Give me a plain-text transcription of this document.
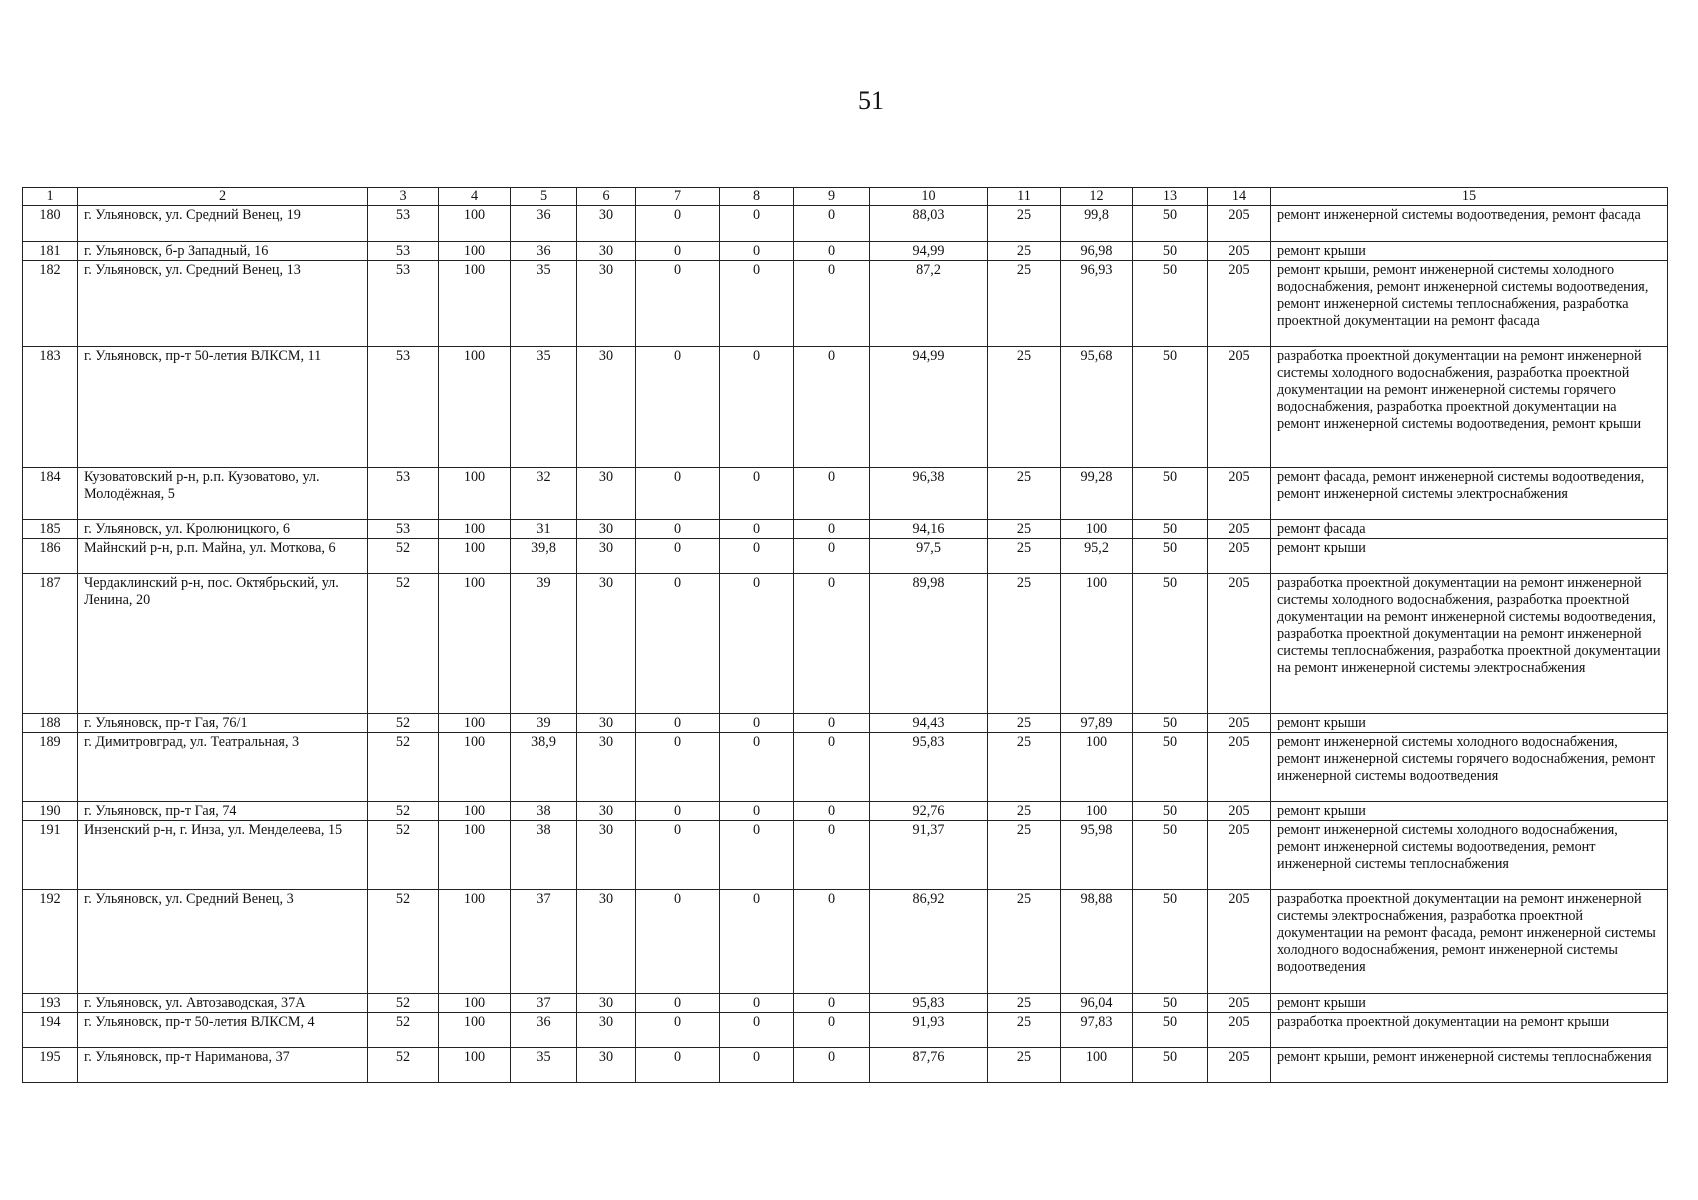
51
1	2	3	4	5	6	7	8	9	10	11	12	13	14	15
180	г. Ульяновск, ул. Средний Венец, 19	53	100	36	30	0	0	0	88,03	25	99,8	50	205	ремонт инженерной системы водоотведения, ремонт фасада
181	г. Ульяновск, б-р Западный, 16	53	100	36	30	0	0	0	94,99	25	96,98	50	205	ремонт крыши
182	г. Ульяновск, ул. Средний Венец, 13	53	100	35	30	0	0	0	87,2	25	96,93	50	205	ремонт крыши, ремонт инженерной системы холодного водоснабжения, ремонт инженерной системы водоотведения, ремонт инженерной системы теплоснабжения, разработка проектной документации на ремонт фасада
183	г. Ульяновск, пр-т 50-летия ВЛКСМ, 11	53	100	35	30	0	0	0	94,99	25	95,68	50	205	разработка проектной документации на ремонт инженерной системы холодного водоснабжения, разработка проектной документации на ремонт инженерной системы горячего водоснабжения, разработка проектной документации на ремонт инженерной системы водоотведения, ремонт крыши
184	Кузоватовский р-н, р.п. Кузоватово, ул. Молодёжная, 5	53	100	32	30	0	0	0	96,38	25	99,28	50	205	ремонт фасада, ремонт инженерной системы водоотведения, ремонт инженерной системы электроснабжения
185	г. Ульяновск, ул. Кролюницкого, 6	53	100	31	30	0	0	0	94,16	25	100	50	205	ремонт фасада
186	Майнский р-н, р.п. Майна, ул. Моткова, 6	52	100	39,8	30	0	0	0	97,5	25	95,2	50	205	ремонт крыши
187	Чердаклинский р-н, пос. Октябрьский, ул. Ленина, 20	52	100	39	30	0	0	0	89,98	25	100	50	205	разработка проектной документации на ремонт инженерной системы холодного водоснабжения, разработка проектной документации на ремонт инженерной системы водоотведения, разработка проектной документации на ремонт инженерной системы теплоснабжения, разработка проектной документации на ремонт инженерной системы электроснабжения
188	г. Ульяновск, пр-т Гая, 76/1	52	100	39	30	0	0	0	94,43	25	97,89	50	205	ремонт крыши
189	г. Димитровград, ул. Театральная, 3	52	100	38,9	30	0	0	0	95,83	25	100	50	205	ремонт инженерной системы холодного водоснабжения, ремонт инженерной системы горячего водоснабжения, ремонт инженерной системы водоотведения
190	г. Ульяновск, пр-т Гая, 74	52	100	38	30	0	0	0	92,76	25	100	50	205	ремонт крыши
191	Инзенский р-н, г. Инза, ул. Менделеева, 15	52	100	38	30	0	0	0	91,37	25	95,98	50	205	ремонт инженерной системы холодного водоснабжения, ремонт инженерной системы водоотведения, ремонт инженерной системы теплоснабжения
192	г. Ульяновск, ул. Средний Венец, 3	52	100	37	30	0	0	0	86,92	25	98,88	50	205	разработка проектной документации на ремонт инженерной системы электроснабжения, разработка проектной документации на ремонт фасада, ремонт инженерной системы холодного водоснабжения, ремонт инженерной системы водоотведения
193	г. Ульяновск, ул. Автозаводская, 37А	52	100	37	30	0	0	0	95,83	25	96,04	50	205	ремонт крыши
194	г. Ульяновск, пр-т 50-летия ВЛКСМ, 4	52	100	36	30	0	0	0	91,93	25	97,83	50	205	разработка проектной документации на ремонт крыши
195	г. Ульяновск, пр-т Нариманова, 37	52	100	35	30	0	0	0	87,76	25	100	50	205	ремонт крыши, ремонт инженерной системы теплоснабжения
